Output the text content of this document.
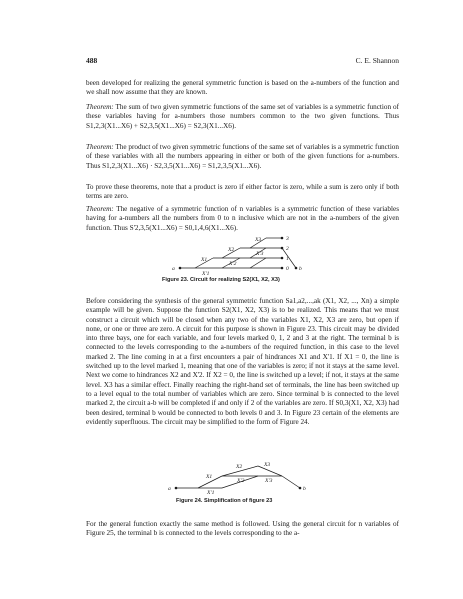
488	C. E. Shannon

been developed for realizing the general symmetric function is based on the a-numbers of the function and we shall now assume that they are known.

Theorem: The sum of two given symmetric functions of the same set of variables is a symmetric function of these variables having for a-numbers those numbers common to the two given functions. Thus S1,2,3(X1...X6) + S2,3,5(X1...X6) = S2,3(X1...X6).

Theorem: The product of two given symmetric functions of the same set of variables is a symmetric function of these variables with all the numbers appearing in either or both of the given functions for a-numbers. Thus S1,2,3(X1...X6) · S2,3,5(X1...X6) = S1,2,3,5(X1...X6).

To prove these theorems, note that a product is zero if either factor is zero, while a sum is zero only if both terms are zero.

Theorem: The negative of a symmetric function of n variables is a symmetric function of these variables having for a-numbers all the numbers from 0 to n inclusive which are not in the a-numbers of the given function. Thus S'2,3,5(X1...X6) = S0,1,4,6(X1...X6).

a	b
0
1
2
3
X1
X'1
X2
X'2
X3
X'3
Figure 23. Circuit for realizing S2(X1, X2, X3)

Before considering the synthesis of the general symmetric function Sa1,a2,...,ak (X1, X2, ..., Xn) a simple example will be given. Suppose the function S2(X1, X2, X3) is to be realized. This means that we must construct a circuit which will be closed when any two of the variables X1, X2, X3 are zero, but open if none, or one or three are zero. A circuit for this purpose is shown in Figure 23. This circuit may be divided into three bays, one for each variable, and four levels marked 0, 1, 2 and 3 at the right. The terminal b is connected to the levels corresponding to the a-numbers of the required function, in this case to the level marked 2. The line coming in at a first encounters a pair of hindrances X1 and X'1. If X1 = 0, the line is switched up to the level marked 1, meaning that one of the variables is zero; if not it stays at the same level. Next we come to hindrances X2 and X'2. If X2 = 0, the line is switched up a level; if not, it stays at the same level. X3 has a similar effect. Finally reaching the right-hand set of terminals, the line has been switched up to a level equal to the total number of variables which are zero. Since terminal b is connected to the level marked 2, the circuit a-b will be completed if and only if 2 of the variables are zero. If S0,3(X1, X2, X3) had been desired, terminal b would be connected to both levels 0 and 3. In Figure 23 certain of the elements are evidently superfluous. The circuit may be simplified to the form of Figure 24.

a	b
X1
X'1
X2
X'2
X3
X'3
Figure 24. Simplification of figure 23

For the general function exactly the same method is followed. Using the general circuit for n variables of Figure 25, the terminal b is connected to the levels corresponding to the a-
